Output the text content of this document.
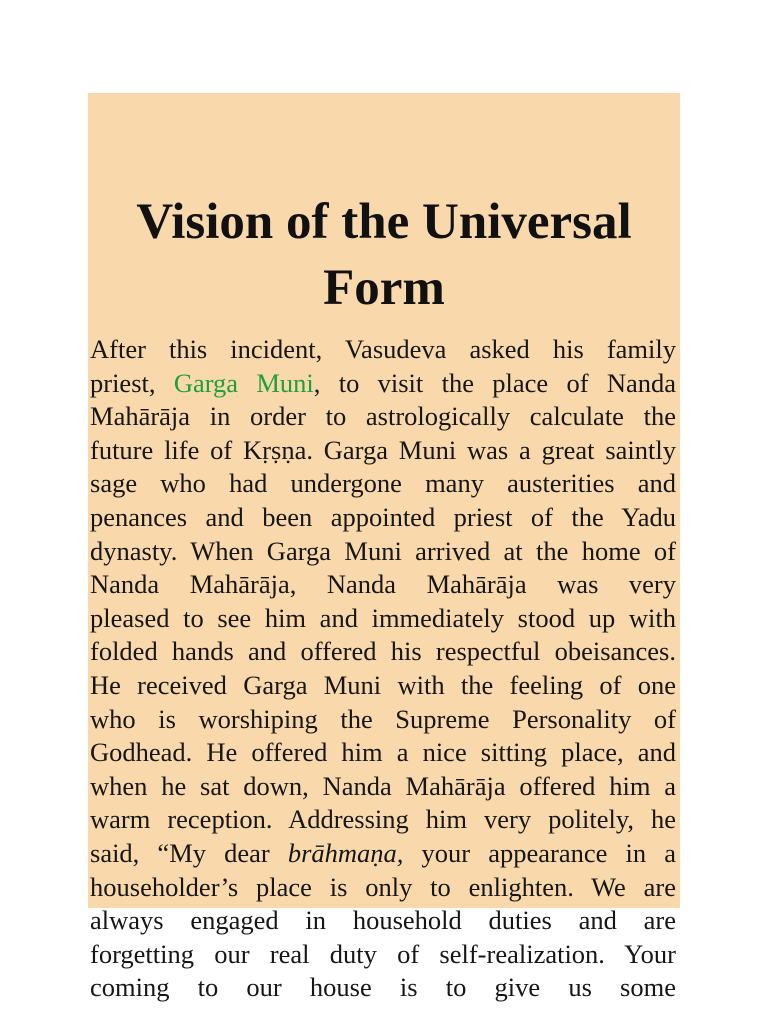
Vision of the Universal
Form
After this incident, Vasudeva asked his family
priest, Garga Muni, to visit the place of Nanda
Mahārāja in order to astrologically calculate the
future life of Kṛṣṇa. Garga Muni was a great saintly
sage who had undergone many austerities and
penances and been appointed priest of the Yadu
dynasty. When Garga Muni arrived at the home of
Nanda Mahārāja, Nanda Mahārāja was very
pleased to see him and immediately stood up with
folded hands and offered his respectful obeisances.
He received Garga Muni with the feeling of one
who is worshiping the Supreme Personality of
Godhead. He offered him a nice sitting place, and
when he sat down, Nanda Mahārāja offered him a
warm reception. Addressing him very politely, he
said, “My dear brāhmaṇa, your appearance in a
householder’s place is only to enlighten. We are
always engaged in household duties and are
forgetting our real duty of self-realization. Your
coming to our house is to give us some
